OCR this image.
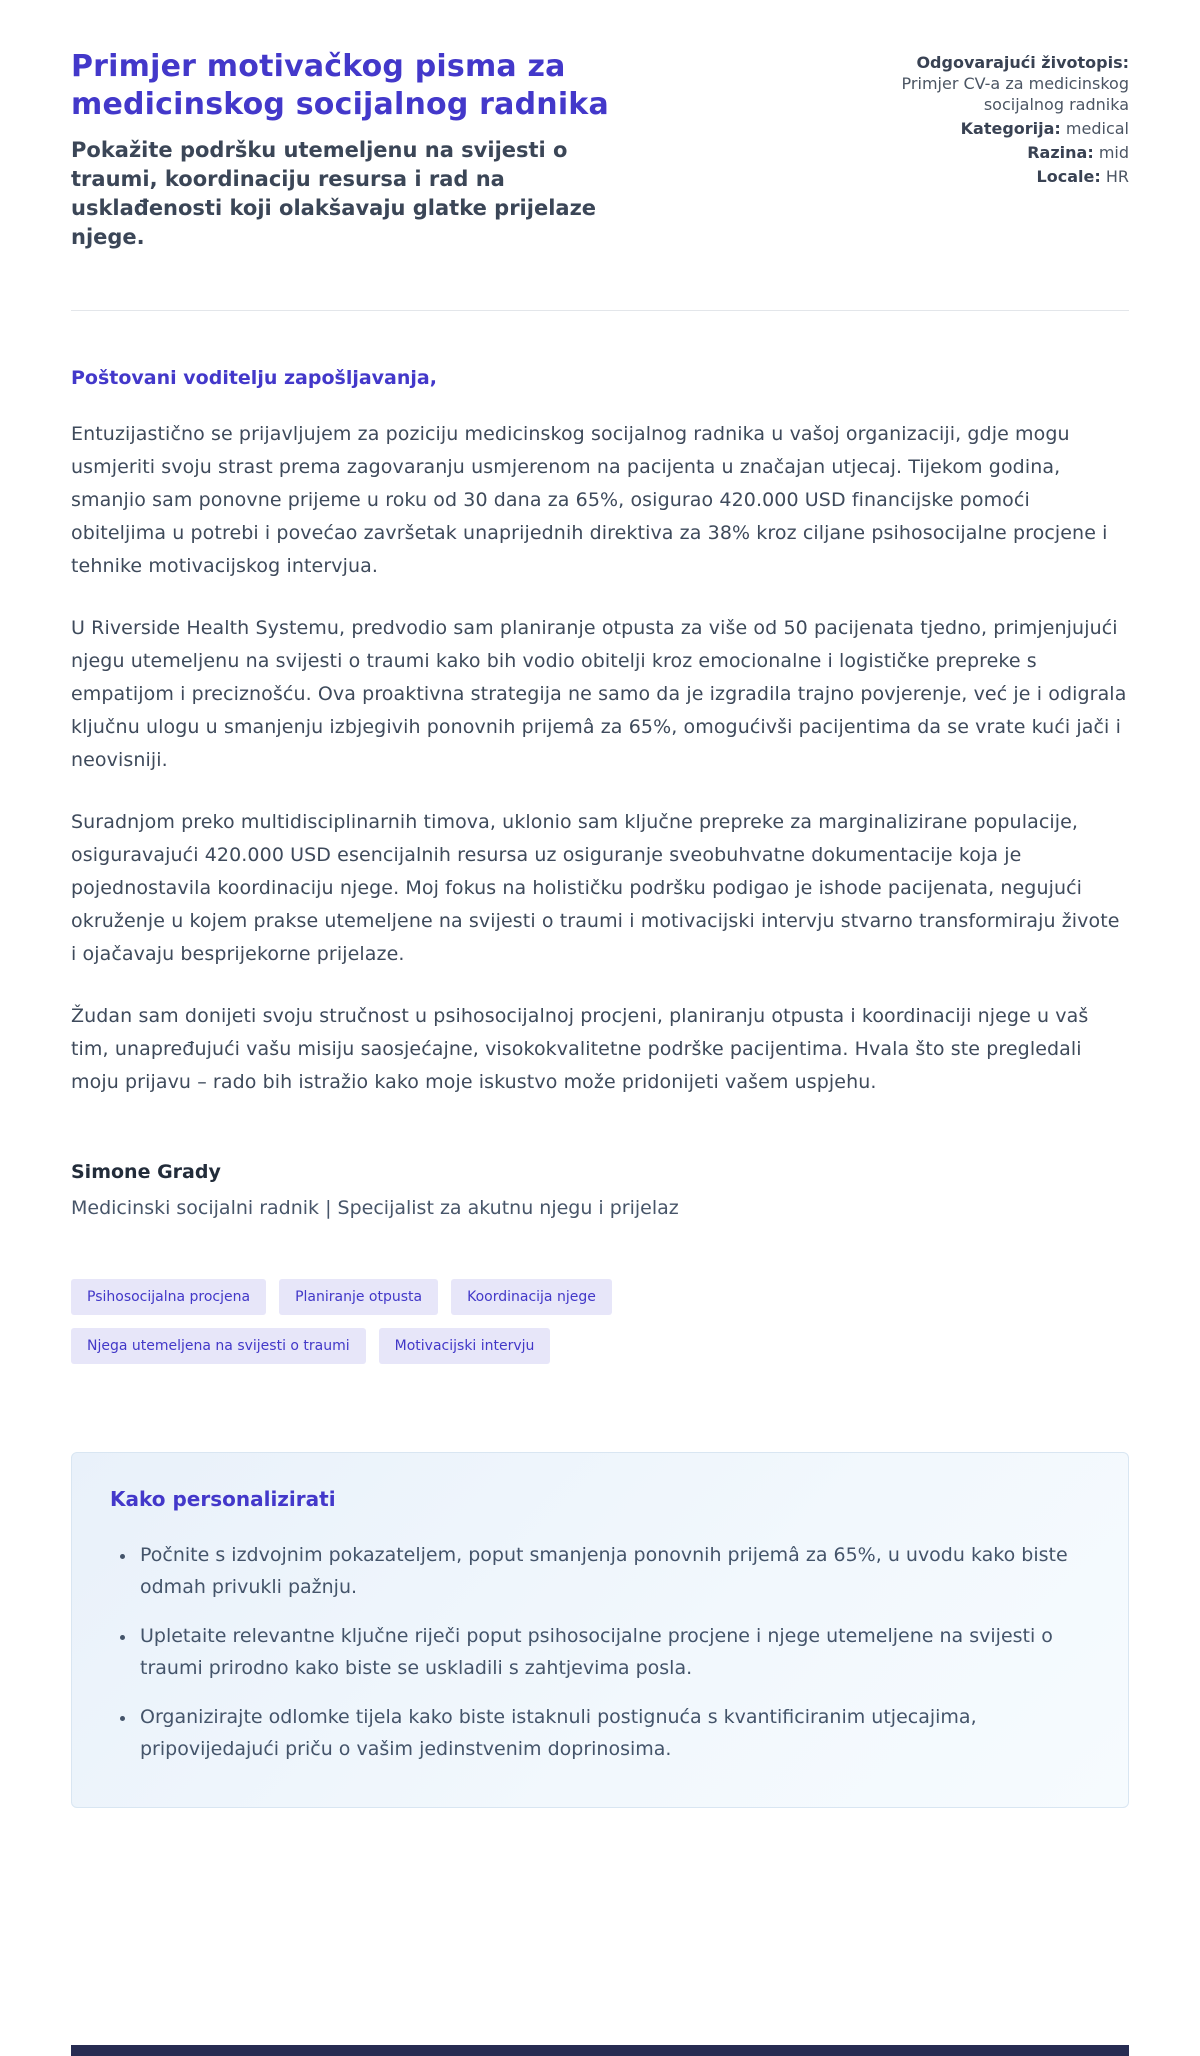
Primjer motivačkog pisma za medicinskog socijalnog radnika
Pokažite podršku utemeljenu na svijesti o traumi, koordinaciju resursa i rad na usklađenosti koji olakšavaju glatke prijelaze njege.
Odgovarajući životopis: Primjer CV-a za medicinskog socijalnog radnika
Kategorija: medical
Razina: mid
Locale: HR
Poštovani voditelju zapošljavanja,

Entuzijastično se prijavljujem za poziciju medicinskog socijalnog radnika u vašoj organizaciji, gdje mogu usmjeriti svoju strast prema zagovaranju usmjerenom na pacijenta u značajan utjecaj. Tijekom godina, smanjio sam ponovne prijeme u roku od 30 dana za 65%, osigurao 420.000 USD financijske pomoći obiteljima u potrebi i povećao završetak unaprijednih direktiva za 38% kroz ciljane psihosocijalne procjene i tehnike motivacijskog intervjua.

U Riverside Health Systemu, predvodio sam planiranje otpusta za više od 50 pacijenata tjedno, primjenjujući njegu utemeljenu na svijesti o traumi kako bih vodio obitelji kroz emocionalne i logističke prepreke s empatijom i preciznošću. Ova proaktivna strategija ne samo da je izgradila trajno povjerenje, već je i odigrala ključnu ulogu u smanjenju izbjegivih ponovnih prijemâ za 65%, omogućivši pacijentima da se vrate kući jači i neovisniji.

Suradnjom preko multidisciplinarnih timova, uklonio sam ključne prepreke za marginalizirane populacije, osiguravajući 420.000 USD esencijalnih resursa uz osiguranje sveobuhvatne dokumentacije koja je pojednostavila koordinaciju njege. Moj fokus na holističku podršku podigao je ishode pacijenata, negujući okruženje u kojem prakse utemeljene na svijesti o traumi i motivacijski intervju stvarno transformiraju živote i ojačavaju besprijekorne prijelaze.

Žudan sam donijeti svoju stručnost u psihosocijalnoj procjeni, planiranju otpusta i koordinaciji njege u vaš tim, unapređujući vašu misiju saosjećajne, visokokvalitetne podrške pacijentima. Hvala što ste pregledali moju prijavu – rado bih istražio kako moje iskustvo može pridonijeti vašem uspjehu.

Simone Grady
Medicinski socijalni radnik | Specijalist za akutnu njegu i prijelaz
Psihosocijalna procjena	Planiranje otpusta	Koordinacija njege
Njega utemeljena na svijesti o traumi	Motivacijski intervju
Kako personalizirati
• Počnite s izdvojnim pokazateljem, poput smanjenja ponovnih prijemâ za 65%, u uvodu kako biste odmah privukli pažnju.
• Upletaite relevantne ključne riječi poput psihosocijalne procjene i njege utemeljene na svijesti o traumi prirodno kako biste se uskladili s zahtjevima posla.
• Organizirajte odlomke tijela kako biste istaknuli postignuća s kvantificiranim utjecajima, pripovijedajući priču o vašim jedinstvenim doprinosima.
